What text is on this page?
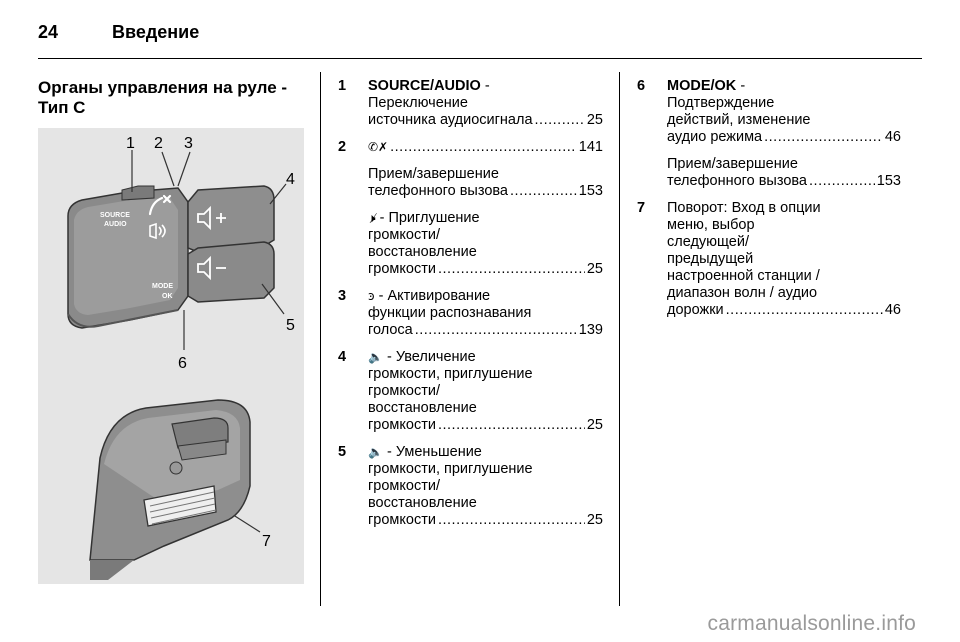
24	Введение
Органы управления на руле - Тип C
SOURCE
AUDIO
MODE
OK
1 2 3
4
5
6
7
1 SOURCE/AUDIO -
Переключение
источника аудиосигнала .....	25
2 ✆✗ .....	141
Прием/завершение
телефонного вызова .....	153
🕨̸ - Приглушение
громкости/
восстановление
громкости .....	25
3 ꜿ - Активирование
функции распознавания
голоса .....	139
4 🔈 - Увеличение
громкости, приглушение
громкости/
восстановление
громкости .....	25
5 🔈 - Уменьшение
громкости, приглушение
громкости/
восстановление
громкости .....	25
6 MODE/OK -
Подтверждение
действий, изменение
аудио режима .....	46
Прием/завершение
телефонного вызова .....	153
7 Поворот: Вход в опции
меню, выбор
следующей/
предыдущей
настроенной станции /
диапазон волн / аудио
дорожки .....	46
carmanualsonline.info
